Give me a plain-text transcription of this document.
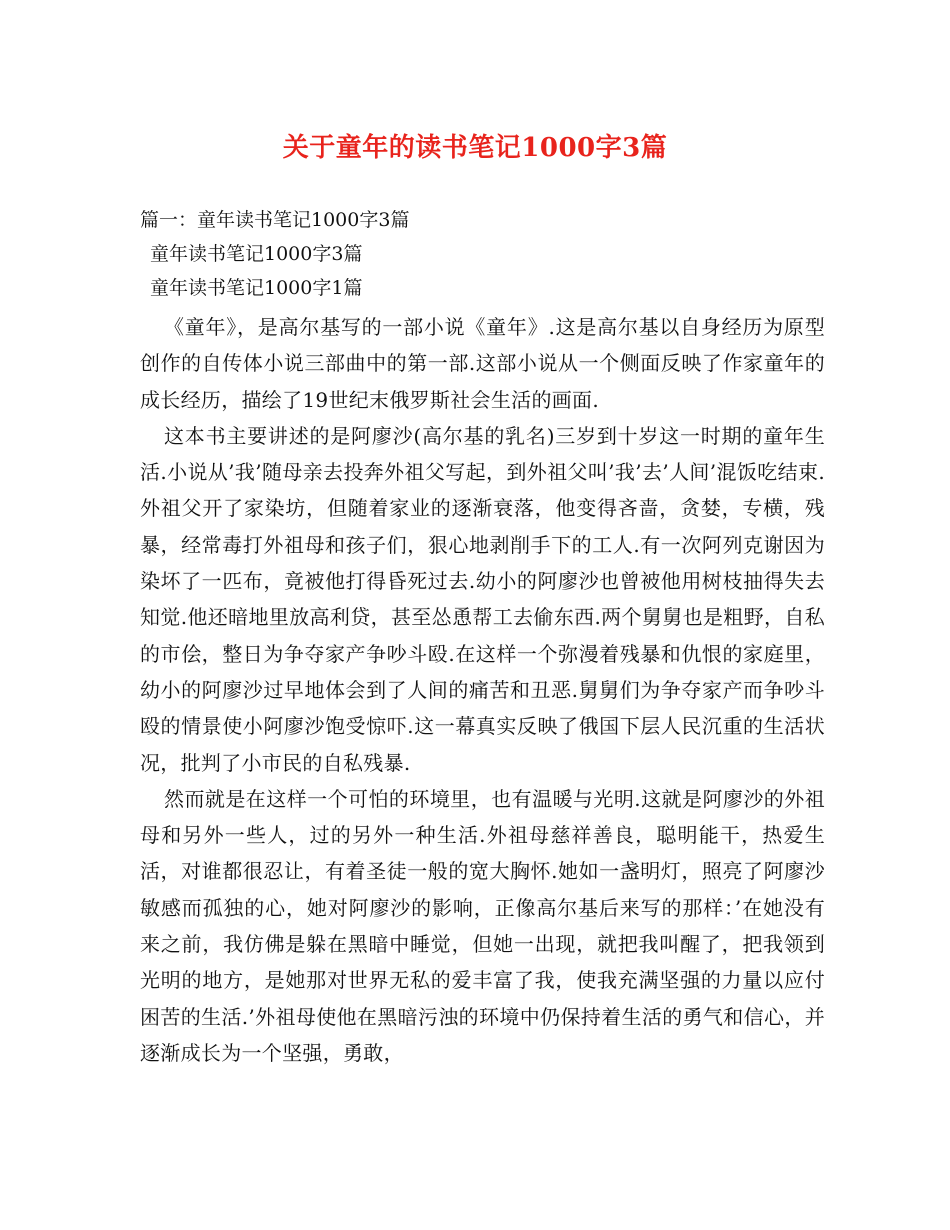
关于童年的读书笔记1000字3篇
篇一：童年读书笔记1000字3篇
童年读书笔记1000字3篇
童年读书笔记1000字1篇

《童年》，是高尔基写的一部小说《童年》.这是高尔基以自身经历为原型创作的自传体小说三部曲中的第一部.这部小说从一个侧面反映了作家童年的成长经历，描绘了19世纪末俄罗斯社会生活的画面.

这本书主要讲述的是阿廖沙(高尔基的乳名)三岁到十岁这一时期的童年生活.小说从’我’随母亲去投奔外祖父写起，到外祖父叫’我’去’人间’混饭吃结束.外祖父开了家染坊，但随着家业的逐渐衰落，他变得吝啬，贪婪，专横，残暴，经常毒打外祖母和孩子们，狠心地剥削手下的工人.有一次阿列克谢因为染坏了一匹布，竟被他打得昏死过去.幼小的阿廖沙也曾被他用树枝抽得失去知觉.他还暗地里放高利贷，甚至怂恿帮工去偷东西.两个舅舅也是粗野，自私的市侩，整日为争夺家产争吵斗殴.在这样一个弥漫着残暴和仇恨的家庭里，幼小的阿廖沙过早地体会到了人间的痛苦和丑恶.舅舅们为争夺家产而争吵斗殴的情景使小阿廖沙饱受惊吓.这一幕真实反映了俄国下层人民沉重的生活状况，批判了小市民的自私残暴.

然而就是在这样一个可怕的环境里，也有温暖与光明.这就是阿廖沙的外祖母和另外一些人，过的另外一种生活.外祖母慈祥善良，聪明能干，热爱生活，对谁都很忍让，有着圣徒一般的宽大胸怀.她如一盏明灯，照亮了阿廖沙敏感而孤独的心，她对阿廖沙的影响，正像高尔基后来写的那样：’在她没有来之前，我仿佛是躲在黑暗中睡觉，但她一出现，就把我叫醒了，把我领到光明的地方，是她那对世界无私的爱丰富了我，使我充满坚强的力量以应付困苦的生活.’外祖母使他在黑暗污浊的环境中仍保持着生活的勇气和信心，并逐渐成长为一个坚强，勇敢，
